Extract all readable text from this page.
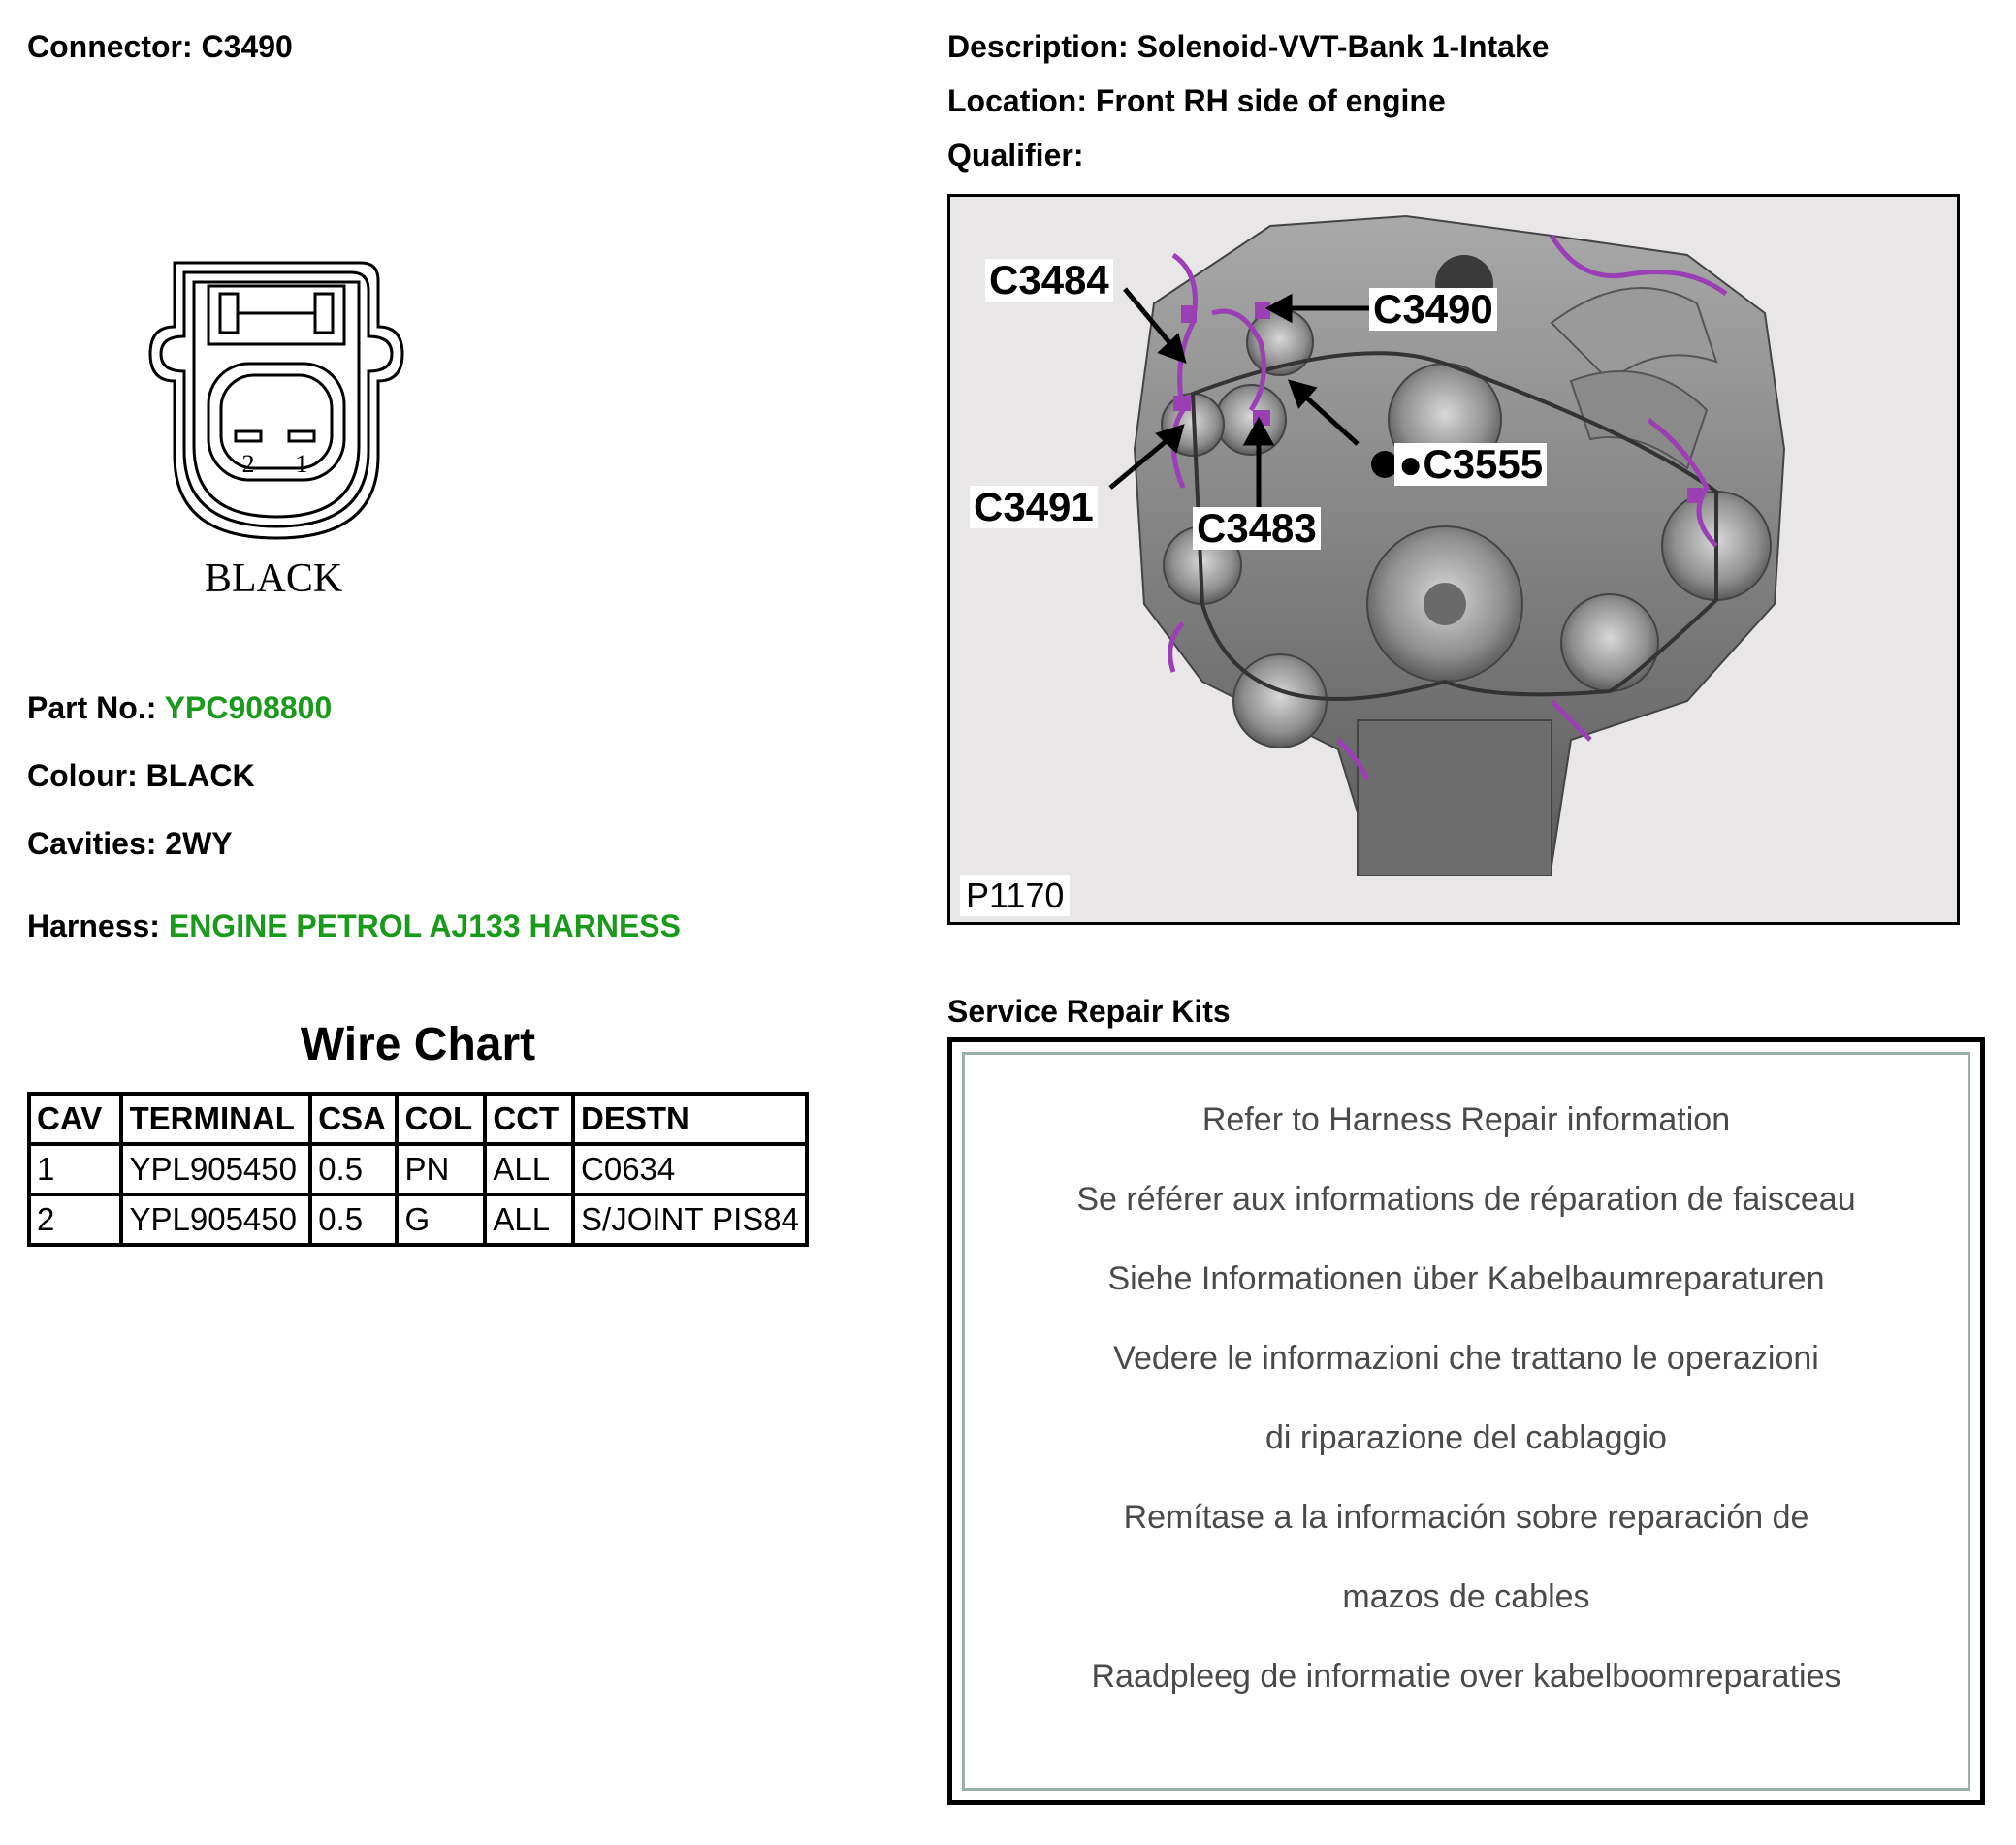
Connector: C3490
2 1
BLACK
Part No.: YPC908800
Colour: BLACK
Cavities: 2WY
Harness: ENGINE PETROL AJ133 HARNESS
Wire Chart
CAV	TERMINAL	CSA	COL	CCT	DESTN
1	YPL905450	0.5	PN	ALL	C0634
2	YPL905450	0.5	G	ALL	S/JOINT PIS84
Description: Solenoid-VVT-Bank 1-Intake
Location: Front RH side of engine
Qualifier:
C3484
C3490
●C3555
C3491	C3483
P1170
Service Repair Kits
Refer to Harness Repair information
Se référer aux informations de réparation de faisceau
Siehe Informationen über Kabelbaumreparaturen
Vedere le informazioni che trattano le operazioni
di riparazione del cablaggio
Remítase a la información sobre reparación de
mazos de cables
Raadpleeg de informatie over kabelboomreparaties
